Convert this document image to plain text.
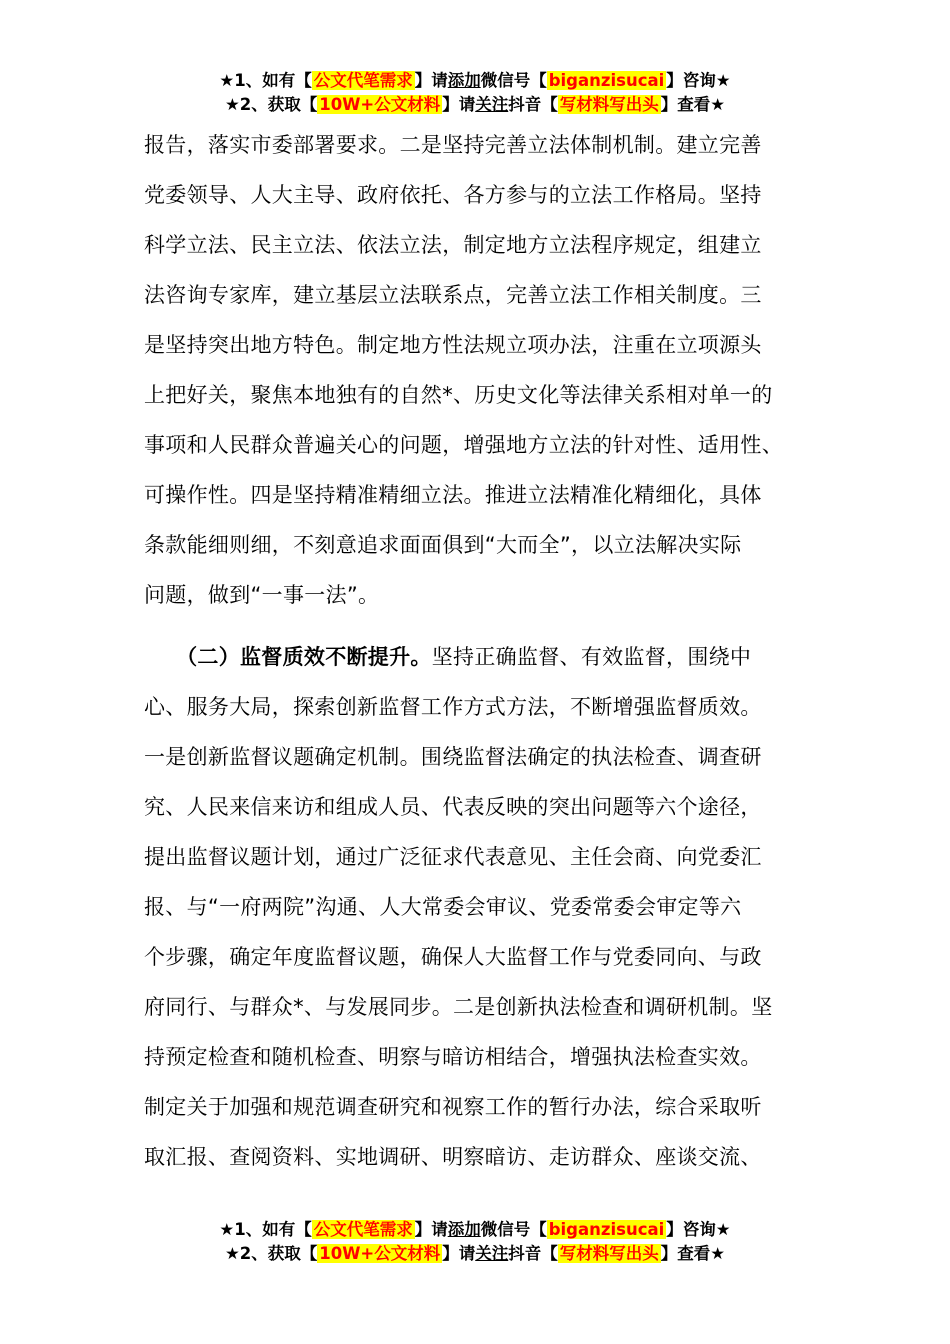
★1、如有【 公文代笔需求 】请添加微信号【 biganzisucai 】咨询★
★2、获取【 10W+公文材料 】请关注抖音【 写材料写出头 】查看★

报告，落实市委部署要求。二是坚持完善立法体制机制。建立完善
党委领导、人大主导、政府依托、各方参与的立法工作格局。坚持
科学立法、民主立法、依法立法，制定地方立法程序规定，组建立
法咨询专家库，建立基层立法联系点，完善立法工作相关制度。三
是坚持突出地方特色。制定地方性法规立项办法，注重在立项源头
上把好关，聚焦本地独有的自然*、历史文化等法律关系相对单一的
事项和人民群众普遍关心的问题，增强地方立法的针对性、适用性、
可操作性。四是坚持精准精细立法。推进立法精准化精细化，具体
条款能细则细，不刻意追求面面俱到“大而全”，以立法解决实际
问题，做到“一事一法”。

　　（二）监督质效不断提升。坚持正确监督、有效监督，围绕中
心、服务大局，探索创新监督工作方式方法，不断增强监督质效。
一是创新监督议题确定机制。围绕监督法确定的执法检查、调查研
究、人民来信来访和组成人员、代表反映的突出问题等六个途径，
提出监督议题计划，通过广泛征求代表意见、主任会商、向党委汇
报、与“一府两院”沟通、人大常委会审议、党委常委会审定等六
个步骤，确定年度监督议题，确保人大监督工作与党委同向、与政
府同行、与群众*、与发展同步。二是创新执法检查和调研机制。坚
持预定检查和随机检查、明察与暗访相结合，增强执法检查实效。
制定关于加强和规范调查研究和视察工作的暂行办法，综合采取听
取汇报、查阅资料、实地调研、明察暗访、走访群众、座谈交流、

★1、如有【 公文代笔需求 】请添加微信号【 biganzisucai 】咨询★
★2、获取【 10W+公文材料 】请关注抖音【 写材料写出头 】查看★
